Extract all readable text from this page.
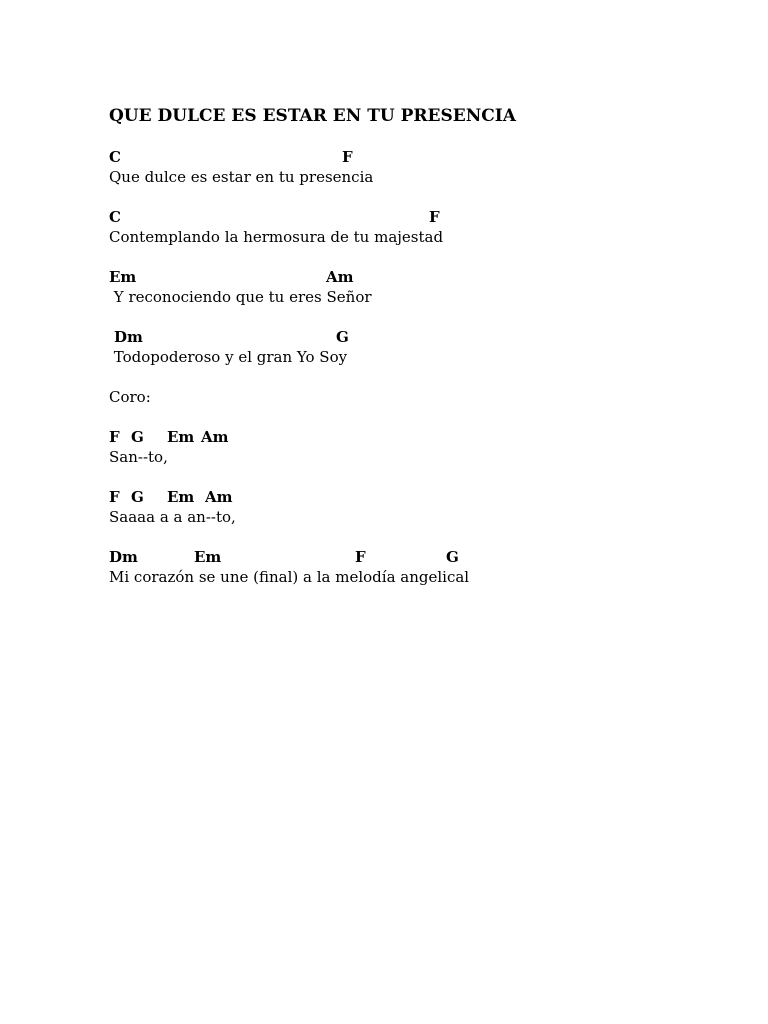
QUE DULCE ES ESTAR EN TU PRESENCIA
C	F
Que dulce es estar en tu presencia
C	F
Contemplando la hermosura de tu majestad
Em	Am
Y reconociendo que tu eres Señor
Dm	G
Todopoderoso y el gran Yo Soy
Coro:
F G Em Am
San--to,
F G Em Am
Saaaa a a an--to,
Dm	Em	F	G
Mi corazón se une (final) a la melodía angelical
